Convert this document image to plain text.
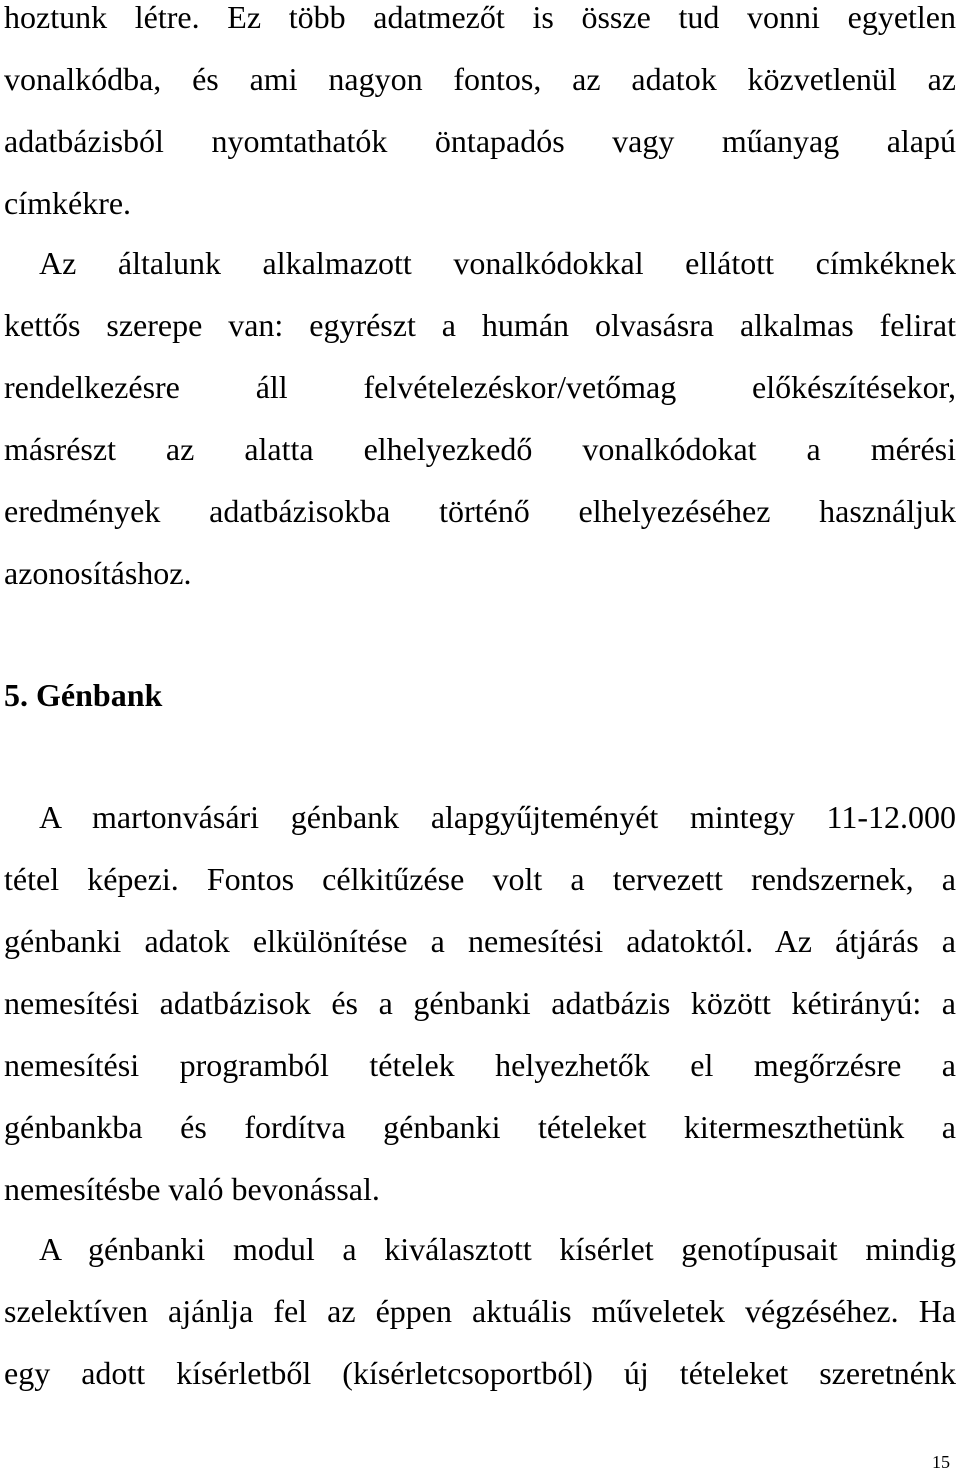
hoztunk létre. Ez több adatmezőt is össze tud vonni egyetlen
vonalkódba, és ami nagyon fontos, az adatok közvetlenül az
adatbázisból nyomtathatók öntapadós vagy műanyag alapú
címkékre.
Az általunk alkalmazott vonalkódokkal ellátott címkéknek
kettős szerepe van: egyrészt a humán olvasásra alkalmas felirat
rendelkezésre áll felvételezéskor/vetőmag előkészítésekor,
másrészt az alatta elhelyezkedő vonalkódokat a mérési
eredmények adatbázisokba történő elhelyezéséhez használjuk
azonosításhoz.
5. Génbank
A martonvásári génbank alapgyűjteményét mintegy 11-12.000
tétel képezi. Fontos célkitűzése volt a tervezett rendszernek, a
génbanki adatok elkülönítése a nemesítési adatoktól. Az átjárás a
nemesítési adatbázisok és a génbanki adatbázis között kétirányú: a
nemesítési programból tételek helyezhetők el megőrzésre a
génbankba és fordítva génbanki tételeket kitermeszthetünk a
nemesítésbe való bevonással.
A génbanki modul a kiválasztott kísérlet genotípusait mindig
szelektíven ajánlja fel az éppen aktuális műveletek végzéséhez. Ha
egy adott kísérletből (kísérletcsoportból) új tételeket szeretnénk
15
